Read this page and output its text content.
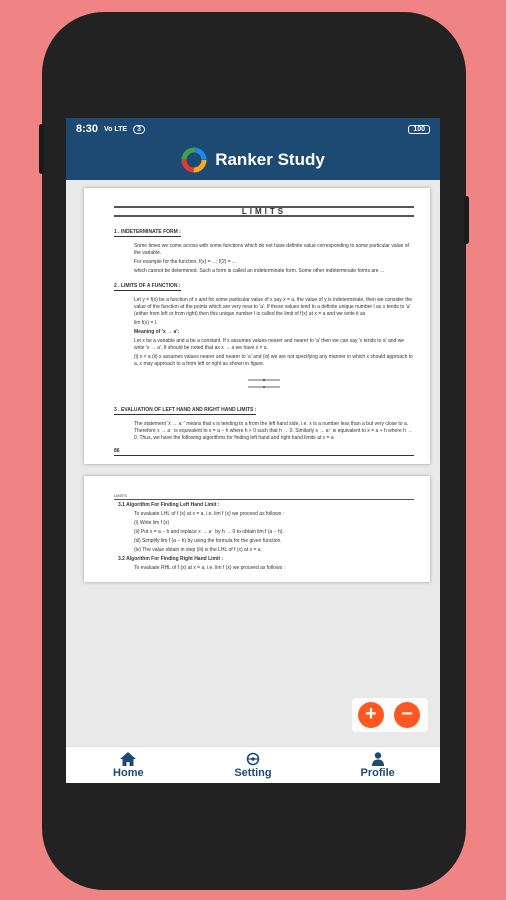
8:30 Vo LTE	3	100
Ranker Study
LIMITS
1 . INDETERMINATE FORM :
Some times we come across with some functions which do not have definite value corresponding to some particular value of the variable.
For example for the function, f(x) = ...; f(2) = ...
which cannot be determined. Such a form is called an indeterminate form. Some other indeterminate forms are ...
2 . LIMITS OF A FUNCTION :
Let y = f(x) be a function of x and for some particular value of x say x = a, the value of y is indeterminate, then we consider the value of the function at the points which are very near to 'a'. If these values tend to a definite unique number l as x tends to 'a' (either from left or from right) then this unique number l is called the limit of f(x) at x = a and we write it as
lim f(x) = l.
Meaning of 'x → a':
Let x be a variable and a be a constant. If x assumes values nearer and nearer to 'a' then we can say 'x tends to a' and we write 'x → a'. It should be noted that as x → a we have x ≠ a.
(i) x ≠ a (ii) x assumes values nearer and nearer to 'a' and (iii) we are not specifying any manner in which x should approach to a, x may approach to a from left or right as shown in figure.
3 . EVALUATION OF LEFT HAND AND RIGHT HAND LIMITS :
The statement 'x → a⁻' means that x is tending to a from the left hand side, i.e. x is a number less than a but very close to a. Therefore x → a⁻ is equivalent to x = a − h where h > 0 such that h → 0. Similarly x → a⁺ is equivalent to x = a + h where h → 0. Thus, we have the following algorithms for finding left hand and right hand limits at x = a
86
LIMITS
3.1 Algorithm For Finding Left Hand Limit :
To evaluate LHL of f (x) at x = a, i.e. lim f (x) we proceed as follows :
(i) Write lim f (x)
(ii) Put x = a − h and replace x → a⁻ by h → 0 to obtain lim f (a − h).
(iii) Simplify lim f (a − h) by using the formula for the given function.
(iv) The value obtain in step (iii) is the LHL of f (x) at x = a.
3.2 Algorithm For Finding Right Hand Limit :
To evaluate RHL of f (x) at x = a, i.e. lim f (x) we proceed as follows :
+	−
Home	Setting	Profile
